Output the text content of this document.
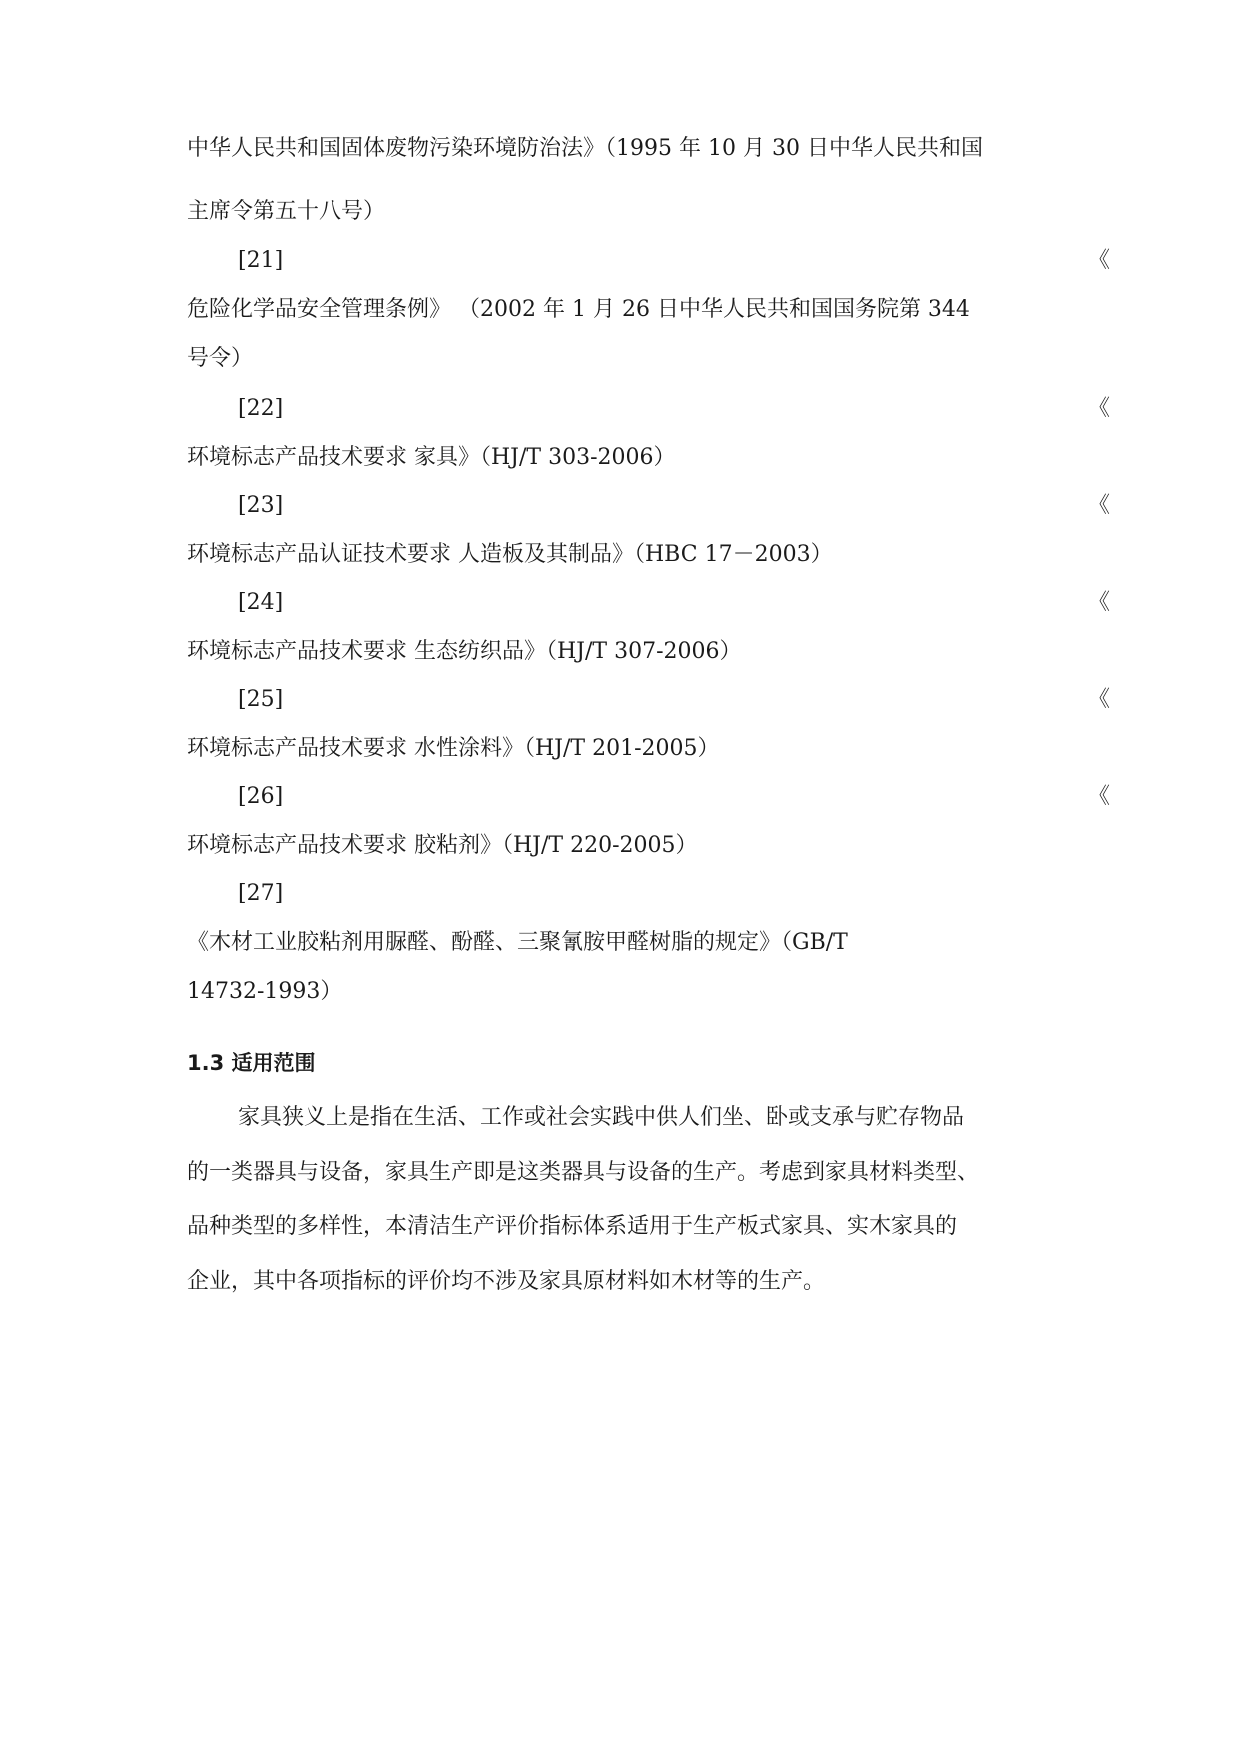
中华人民共和国固体废物污染环境防治法》（1995 年 10 月 30 日中华人民共和国
主席令第五十八号）
[21]	《
危险化学品安全管理条例》 （2002 年 1 月 26 日中华人民共和国国务院第 344
号令）
[22]	《
环境标志产品技术要求 家具》（HJ/T 303-2006）
[23]	《
环境标志产品认证技术要求 人造板及其制品》（HBC 17－2003）
[24]	《
环境标志产品技术要求 生态纺织品》（HJ/T 307-2006）
[25]	《
环境标志产品技术要求 水性涂料》（HJ/T 201-2005）
[26]	《
环境标志产品技术要求 胶粘剂》（HJ/T 220-2005）
[27]
《木材工业胶粘剂用脲醛、酚醛、三聚氰胺甲醛树脂的规定》（GB/T
14732-1993）
1.3 适用范围
家具狭义上是指在生活、工作或社会实践中供人们坐、卧或支承与贮存物品
的一类器具与设备，家具生产即是这类器具与设备的生产。考虑到家具材料类型、
品种类型的多样性，本清洁生产评价指标体系适用于生产板式家具、实木家具的
企业，其中各项指标的评价均不涉及家具原材料如木材等的生产。
